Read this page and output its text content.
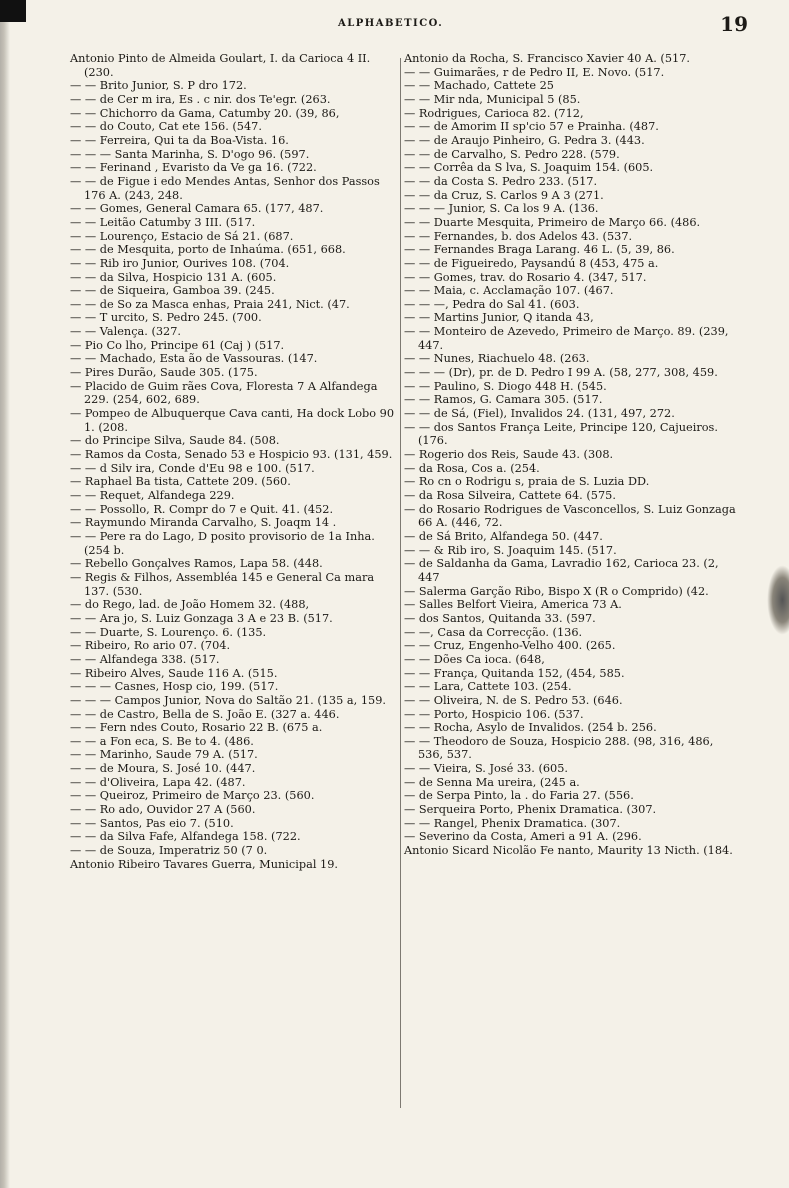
ALPHABETICO.	19

Antonio Pinto de Almeida Goulart, I. da Carioca 4 II. (230.

— — Brito Junior, S. P dro 172.

— — de Cer m ira, Es . c nir. dos Te'egr. (263.

— — Chichorro da Gama, Catumby 20. (39, 86,

— — do Couto, Cat ete 156. (547.

— — Ferreira, Qui ta da Boa-Vista. 16.

— — — Santa Marinha, S. D'ogo 96. (597.

— — Ferinand , Evaristo da Ve ga 16. (722.

— — de Figue i edo Mendes Antas, Senhor dos Passos 176 A. (243, 248.

— — Gomes, General Camara 65. (177, 487.

— — Leitão Catumby 3 III. (517.

— — Lourenço, Estacio de Sá 21. (687.

— — de Mesquita, porto de Inhaúma. (651, 668.

— — Rib iro Junior, Ourives 108. (704.

— — da Silva, Hospicio 131 A. (605.

— — de Siqueira, Gamboa 39. (245.

— — de So za Masca enhas, Praia 241, Nict. (47.

— — T urcito, S. Pedro 245. (700.

— — Valença. (327.

— Pio Co lho, Principe 61 (Caj ) (517.

— — Machado, Esta ão de Vassouras. (147.

— Pires Durão, Saude 305. (175.

— Placido de Guim rães Cova, Floresta 7 A Alfandega 229. (254, 602, 689.

— Pompeo de Albuquerque Cava canti, Ha dock Lobo 90 1. (208.

— do Principe Silva, Saude 84. (508.

— Ramos da Costa, Senado 53 e Hospicio 93. (131, 459.

— — d Silv ira, Conde d'Eu 98 e 100. (517.

— Raphael Ba tista, Cattete 209. (560.

— — Requet, Alfandega 229.

— — Possollo, R. Compr do 7 e Quit. 41. (452.

— Raymundo Miranda Carvalho, S. Joaqm 14 .

— — Pere ra do Lago, D posito provisorio de 1a Inha. (254 b.

— Rebello Gonçalves Ramos, Lapa 58. (448.

— Regis & Filhos, Assembléa 145 e General Ca mara 137. (530.

— do Rego, lad. de João Homem 32. (488,

— — Ara jo, S. Luiz Gonzaga 3 A e 23 B. (517.

— — Duarte, S. Lourenço. 6. (135.

— Ribeiro, Ro ario 07. (704.

— — Alfandega 338. (517.

— Ribeiro Alves, Saude 116 A. (515.

— — — Casnes, Hosp cio, 199. (517.

— — — Campos Junior, Nova do Saltão 21. (135 a, 159.

— — de Castro, Bella de S. João E. (327 a. 446.

— — Fern ndes Couto, Rosario 22 B. (675 a.

— — a Fon eca, S. Be to 4. (486.

— — Marinho, Saude 79 A. (517.

— — de Moura, S. José 10. (447.

— — d'Oliveira, Lapa 42. (487.

— — Queiroz, Primeiro de Março 23. (560.

— — Ro ado, Ouvidor 27 A (560.

— — Santos, Pas eio 7. (510.

— — da Silva Fafe, Alfandega 158. (722.

— — de Souza, Imperatriz 50 (7 0.

Antonio Ribeiro Tavares Guerra, Municipal 19.

Antonio da Rocha, S. Francisco Xavier 40 A. (517.

— — Guimarães, r de Pedro II, E. Novo. (517.

— — Machado, Cattete 25

— — Mir nda, Municipal 5 (85.

— Rodrigues, Carioca 82. (712,

— — de Amorim II sp'cio 57 e Prainha. (487.

— — de Araujo Pinheiro, G. Pedra 3. (443.

— — de Carvalho, S. Pedro 228. (579.

— — Corrêa da S lva, S. Joaquim 154. (605.

— — da Costa S. Pedro 233. (517.

— — da Cruz, S. Carlos 9 A 3 (271.

— — — Junior, S. Ca los 9 A. (136.

— — Duarte Mesquita, Primeiro de Março 66. (486.

— — Fernandes, b. dos Adelos 43. (537.

— — Fernandes Braga Larang. 46 L. (5, 39, 86.

— — de Figueiredo, Paysandú 8 (453, 475 a.

— — Gomes, trav. do Rosario 4. (347, 517.

— — Maia, c. Acclamação 107. (467.

— — —, Pedra do Sal 41. (603.

— — Martins Junior, Q itanda 43,

— — Monteiro de Azevedo, Primeiro de Março. 89. (239, 447.

— — Nunes, Riachuelo 48. (263.

— — — (Dr), pr. de D. Pedro I 99 A. (58, 277, 308, 459.

— — Paulino, S. Diogo 448 H. (545.

— — Ramos, G. Camara 305. (517.

— — de Sá, (Fiel), Invalidos 24. (131, 497, 272.

— — dos Santos França Leite, Principe 120, Cajueiros. (176.

— Rogerio dos Reis, Saude 43. (308.

— da Rosa, Cos a. (254.

— Ro cn o Rodrigu s, praia de S. Luzia DD.

— da Rosa Silveira, Cattete 64. (575.

— do Rosario Rodrigues de Vasconcellos, S. Luiz Gonzaga 66 A. (446, 72.

— de Sá Brito, Alfandega 50. (447.

— — & Rib iro, S. Joaquim 145. (517.

— de Saldanha da Gama, Lavradio 162, Carioca 23. (2, 447

— Salerma Garção Ribo, Bispo X (R o Comprido) (42.

— Salles Belfort Vieira, America 73 A.

— dos Santos, Quitanda 33. (597.

— —, Casa da Correcção. (136.

— — Cruz, Engenho-Velho 400. (265.

— — Dões Ca ioca. (648,

— — França, Quitanda 152, (454, 585.

— — Lara, Cattete 103. (254.

— — Oliveira, N. de S. Pedro 53. (646.

— — Porto, Hospicio 106. (537.

— — Rocha, Asylo de Invalidos. (254 b. 256.

— — Theodoro de Souza, Hospicio 288. (98, 316, 486, 536, 537.

— — Vieira, S. José 33. (605.

— de Senna Ma ureira, (245 a.

— de Serpa Pinto, la . do Faria 27. (556.

— Serqueira Porto, Phenix Dramatica. (307.

— — Rangel, Phenix Dramatica. (307.

— Severino da Costa, Ameri a 91 A. (296.

Antonio Sicard Nicolão Fe nanto, Maurity 13 Nicth. (184.
